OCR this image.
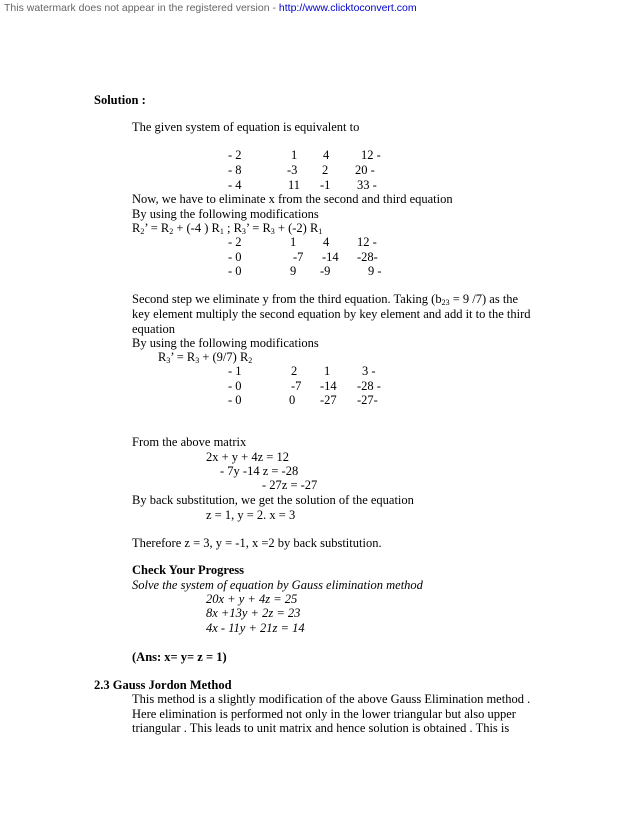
This watermark does not appear in the registered version - http://www.clicktoconvert.com
Solution :
The given system of equation is equivalent to
- 2	1 4	12 -
- 8	-3 2 20 -
- 4	11 -1 33 -
Now, we have to eliminate x from the second and third equation
By using the following modifications
$R_2$’ = $R_2 + (-4$ ) $R_1$ ; $R_3$’ = $R_3 + (-2)$ $R_1$
- 2	1 4 12 -
- 0	-7 -14 -28-
- 0	9 -9	9 -
Second step we eliminate y from the third equation. Taking ($b_{23} = 9$ /7) as the
key element multiply the second equation by key element and add it to the third
equation
By using the following modifications
$R_3$’ = $R_3 + (9/7)$ $R_2$
- 1	2 1	3 -
- 0	-7 -14 -28 -
- 0	0 -27 -27-
From the above matrix
2x + y + 4z = 12
- 7y -14 z = -28
- 27z = -27
By back substitution, we get the solution of the equation
z = 1, y = 2. x = 3
Therefore z = 3, y = -1, x =2 by back substitution.
Check Your Progress
Solve the system of equation by Gauss elimination method
20x + y + 4z = 25
8x +13y + 2z = 23
4x - 11y + 21z = 14
(Ans: x= y= z = 1)
2.3 Gauss Jordon Method
This method is a slightly modification of the above Gauss Elimination method .
Here elimination is performed not only in the lower triangular but also upper
triangular . This leads to unit matrix and hence solution is obtained . This is
